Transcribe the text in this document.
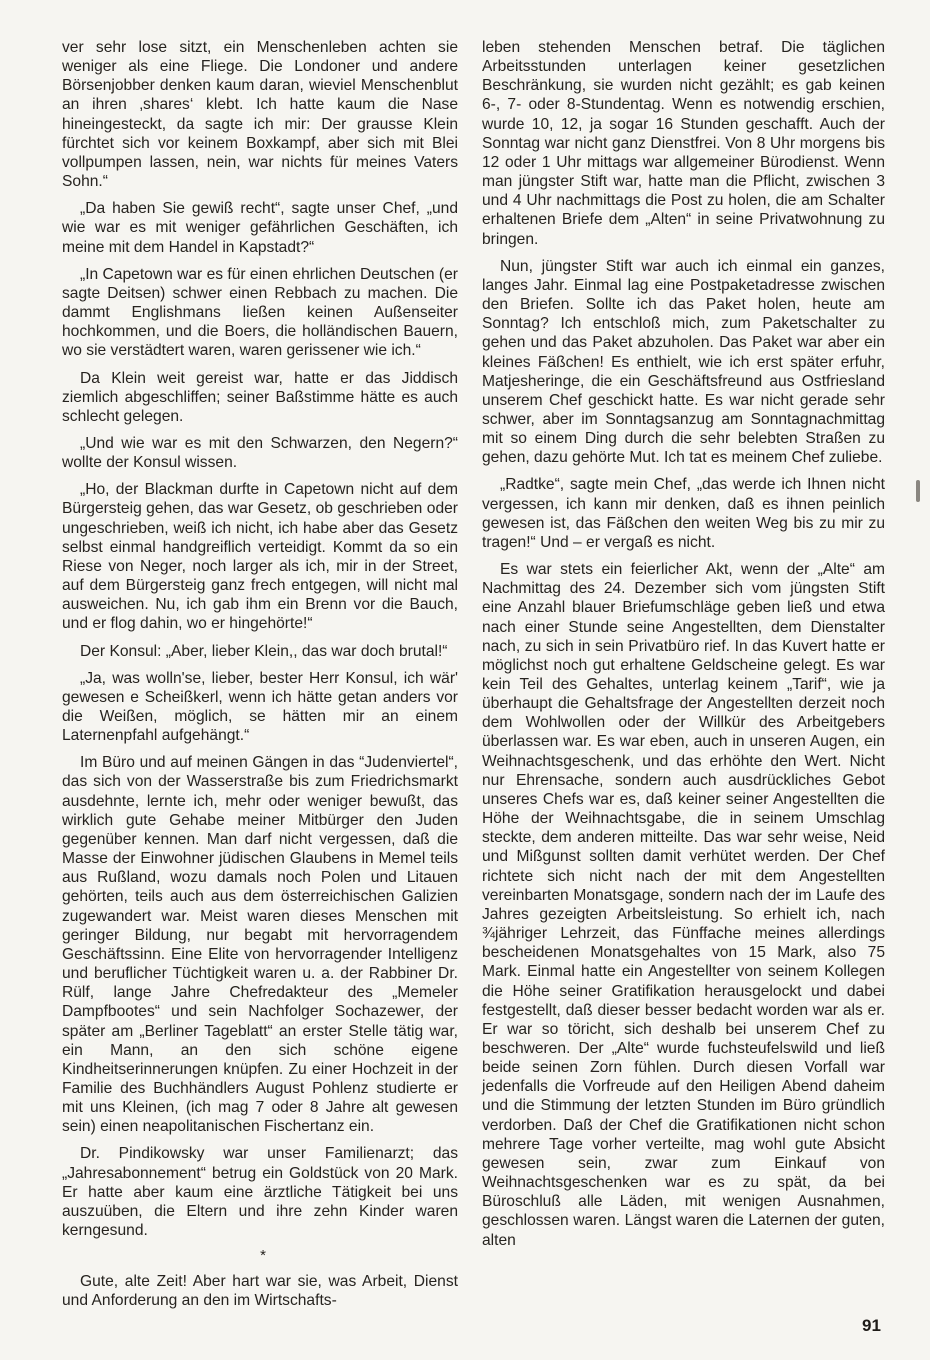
ver sehr lose sitzt, ein Menschenleben achten sie weniger als eine Fliege. Die Londoner und andere Börsenjobber denken kaum daran, wieviel Menschenblut an ihren ‚shares‘ klebt. Ich hatte kaum die Nase hineingesteckt, da sagte ich mir: Der grausse Klein fürchtet sich vor keinem Boxkampf, aber sich mit Blei vollpumpen lassen, nein, war nichts für meines Vaters Sohn.“

„Da haben Sie gewiß recht“, sagte unser Chef, „und wie war es mit weniger gefährlichen Geschäften, ich meine mit dem Handel in Kapstadt?“

„In Capetown war es für einen ehrlichen Deutschen (er sagte Deitsen) schwer einen Rebbach zu machen. Die dammt Englishmans ließen keinen Außenseiter hochkommen, und die Boers, die holländischen Bauern, wo sie verstädtert waren, waren gerissener wie ich.“

Da Klein weit gereist war, hatte er das Jiddisch ziemlich abgeschliffen; seiner Baßstimme hätte es auch schlecht gelegen.

„Und wie war es mit den Schwarzen, den Negern?“ wollte der Konsul wissen.

„Ho, der Blackman durfte in Capetown nicht auf dem Bürgersteig gehen, das war Gesetz, ob geschrieben oder ungeschrieben, weiß ich nicht, ich habe aber das Gesetz selbst einmal handgreiflich verteidigt. Kommt da so ein Riese von Neger, noch larger als ich, mir in der Street, auf dem Bürgersteig ganz frech entgegen, will nicht mal ausweichen. Nu, ich gab ihm ein Brenn vor die Bauch, und er flog dahin, wo er hingehörte!“

Der Konsul: „Aber, lieber Klein,, das war doch brutal!“

„Ja, was wolln'se, lieber, bester Herr Konsul, ich wär' gewesen e Scheißkerl, wenn ich hätte getan anders vor die Weißen, möglich, se hätten mir an einem Laternenpfahl aufgehängt.“

Im Büro und auf meinen Gängen in das “Judenviertel“, das sich von der Wasserstraße bis zum Friedrichsmarkt ausdehnte, lernte ich, mehr oder weniger bewußt, das wirklich gute Gehabe meiner Mitbürger den Juden gegenüber kennen. Man darf nicht vergessen, daß die Masse der Einwohner jüdischen Glaubens in Memel teils aus Rußland, wozu damals noch Polen und Litauen gehörten, teils auch aus dem österreichischen Galizien zugewandert war. Meist waren dieses Menschen mit geringer Bildung, nur begabt mit hervorragendem Geschäftssinn. Eine Elite von hervorragender Intelligenz und beruflicher Tüchtigkeit waren u. a. der Rabbiner Dr. Rülf, lange Jahre Chefredakteur des „Memeler Dampfbootes“ und sein Nachfolger Sochazewer, der später am „Berliner Tageblatt“ an erster Stelle tätig war, ein Mann, an den sich schöne eigene Kindheitserinnerungen knüpfen. Zu einer Hochzeit in der Familie des Buchhändlers August Pohlenz studierte er mit uns Kleinen, (ich mag 7 oder 8 Jahre alt gewesen sein) einen neapolitanischen Fischertanz ein.

Dr. Pindikowsky war unser Familienarzt; das „Jahresabonnement“ betrug ein Goldstück von 20 Mark. Er hatte aber kaum eine ärztliche Tätigkeit bei uns auszuüben, die Eltern und ihre zehn Kinder waren kerngesund.

*

Gute, alte Zeit! Aber hart war sie, was Arbeit, Dienst und Anforderung an den im Wirtschafts-

leben stehenden Menschen betraf. Die täglichen Arbeitsstunden unterlagen keiner gesetzlichen Beschränkung, sie wurden nicht gezählt; es gab keinen 6-, 7- oder 8-Stundentag. Wenn es notwendig erschien, wurde 10, 12, ja sogar 16 Stunden geschafft. Auch der Sonntag war nicht ganz Dienstfrei. Von 8 Uhr morgens bis 12 oder 1 Uhr mittags war allgemeiner Bürodienst. Wenn man jüngster Stift war, hatte man die Pflicht, zwischen 3 und 4 Uhr nachmittags die Post zu holen, die am Schalter erhaltenen Briefe dem „Alten“ in seine Privatwohnung zu bringen.

Nun, jüngster Stift war auch ich einmal ein ganzes, langes Jahr. Einmal lag eine Postpaketadresse zwischen den Briefen. Sollte ich das Paket holen, heute am Sonntag? Ich entschloß mich, zum Paketschalter zu gehen und das Paket abzuholen. Das Paket war aber ein kleines Fäßchen! Es enthielt, wie ich erst später erfuhr, Matjesheringe, die ein Geschäftsfreund aus Ostfriesland unserem Chef geschickt hatte. Es war nicht gerade sehr schwer, aber im Sonntagsanzug am Sonntagnachmittag mit so einem Ding durch die sehr belebten Straßen zu gehen, dazu gehörte Mut. Ich tat es meinem Chef zuliebe.

„Radtke“, sagte mein Chef, „das werde ich Ihnen nicht vergessen, ich kann mir denken, daß es ihnen peinlich gewesen ist, das Fäßchen den weiten Weg bis zu mir zu tragen!“ Und – er vergaß es nicht.

Es war stets ein feierlicher Akt, wenn der „Alte“ am Nachmittag des 24. Dezember sich vom jüngsten Stift eine Anzahl blauer Briefumschläge geben ließ und etwa nach einer Stunde seine Angestellten, dem Dienstalter nach, zu sich in sein Privatbüro rief. In das Kuvert hatte er möglichst noch gut erhaltene Geldscheine gelegt. Es war kein Teil des Gehaltes, unterlag keinem „Tarif“, wie ja überhaupt die Gehaltsfrage der Angestellten derzeit noch dem Wohlwollen oder der Willkür des Arbeitgebers überlassen war. Es war eben, auch in unseren Augen, ein Weihnachtsgeschenk, und das erhöhte den Wert. Nicht nur Ehrensache, sondern auch ausdrückliches Gebot unseres Chefs war es, daß keiner seiner Angestellten die Höhe der Weihnachtsgabe, die in seinem Umschlag steckte, dem anderen mitteilte. Das war sehr weise, Neid und Mißgunst sollten damit verhütet werden. Der Chef richtete sich nicht nach der mit dem Angestellten vereinbarten Monatsgage, sondern nach der im Laufe des Jahres gezeigten Arbeitsleistung. So erhielt ich, nach ¾jähriger Lehrzeit, das Fünffache meines allerdings bescheidenen Monatsgehaltes von 15 Mark, also 75 Mark. Einmal hatte ein Angestellter von seinem Kollegen die Höhe seiner Gratifikation herausgelockt und dabei festgestellt, daß dieser besser bedacht worden war als er. Er war so töricht, sich deshalb bei unserem Chef zu beschweren. Der „Alte“ wurde fuchsteufelswild und ließ beide seinen Zorn fühlen. Durch diesen Vorfall war jedenfalls die Vorfreude auf den Heiligen Abend daheim und die Stimmung der letzten Stunden im Büro gründlich verdorben. Daß der Chef die Gratifikationen nicht schon mehrere Tage vorher verteilte, mag wohl gute Absicht gewesen sein, zwar zum Einkauf von Weihnachtsgeschenken war es zu spät, da bei Büroschluß alle Läden, mit wenigen Ausnahmen, geschlossen waren. Längst waren die Laternen der guten, alten

91
